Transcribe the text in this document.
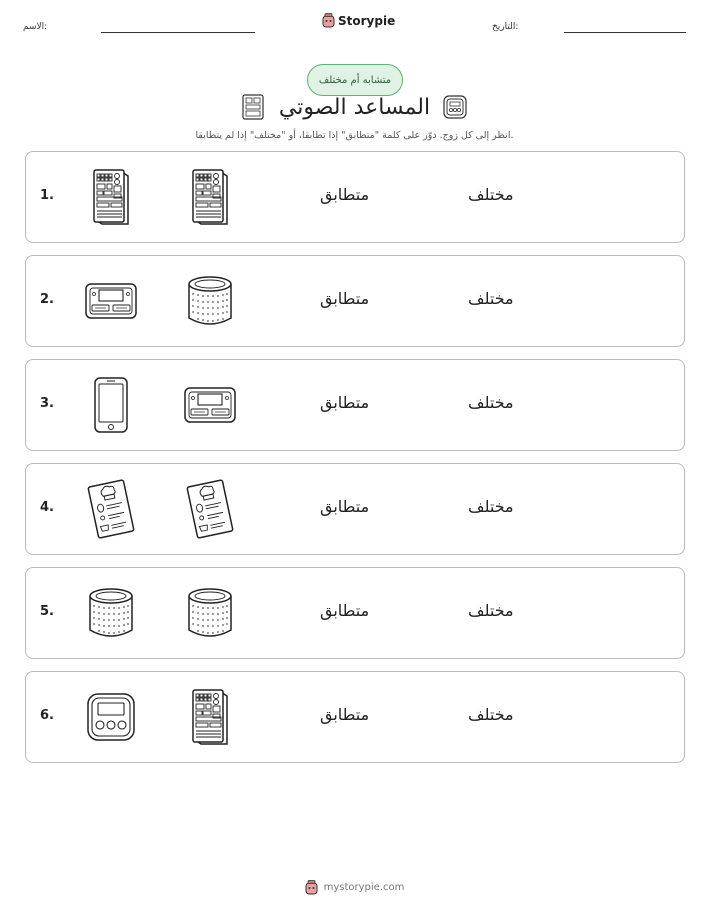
التاريخ:
Storypie
الاسم:
متشابه أم مختلف
المساعد الصوتي
انظر إلى كل زوج. دوّر على كلمة "متطابق" إذا تطابقا، أو "مختلف" إذا لم يتطابقا.
1.	متطابق	مختلف
2.	متطابق	مختلف
3.	متطابق	مختلف
4.	متطابق	مختلف
5.	متطابق	مختلف
6.	متطابق	مختلف
mystorypie.com
